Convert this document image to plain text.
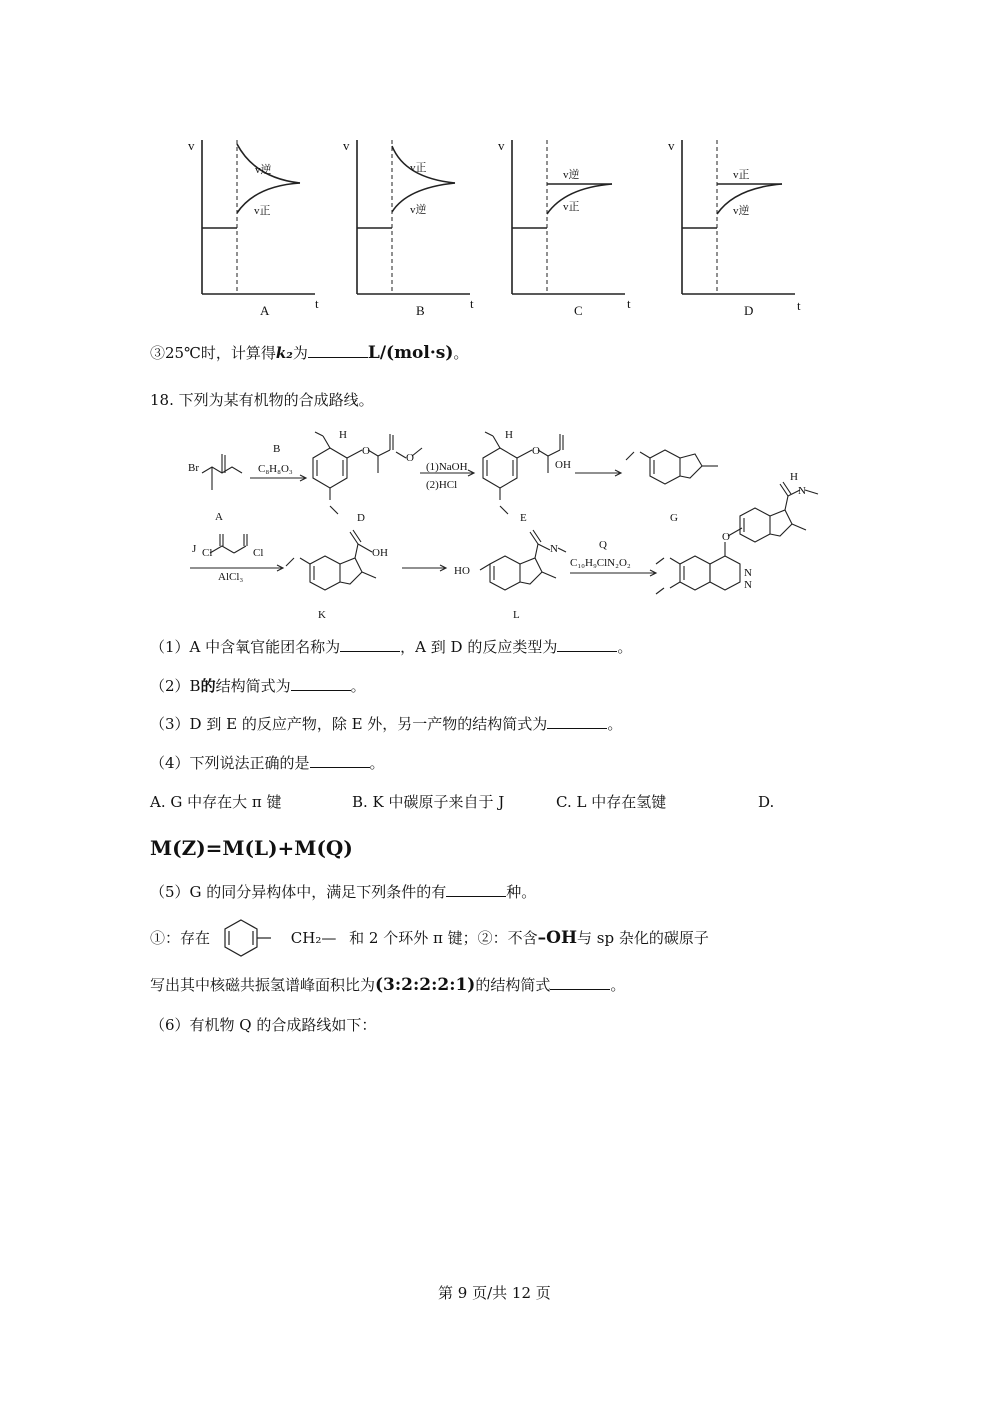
v
t
v
t
v
t
v
t
v逆
v正
v正
v逆
v逆
v正
v正
v逆
A	B	C	D
③25℃时，计算得k₂为	L/(mol·s)。
18. 下列为某有机物的合成路线。
Br
B
C₈H₈O₃
H
O
O
(1)NaOH
(2)HCl
H
O
OH
A	D	E	G
J Cl	Cl
AlCl₃
OH
K
HO
N
L
Q
C₁₀H₉ClN₂O₂
O
N
N
N
H
（1）A 中含氧官能团名称为	，A 到 D 的反应类型为	。
（2）B的结构简式为	。
（3）D 到 E 的反应产物，除 E 外，另一产物的结构简式为	。
（4）下列说法正确的是	。
A. G 中存在大 π 键	B. K 中碳原子来自于 J	C. L 中存在氢键	D.
M(Z)=M(L)+M(Q)
（5）G 的同分异构体中，满足下列条件的有	种。
①：存在	CH₂— 和 2 个环外 π 键；②：不含–OH与 sp 杂化的碳原子
写出其中核磁共振氢谱峰面积比为(3:2:2:2:1)的结构简式	。
（6）有机物 Q 的合成路线如下：
第 9 页/共 12 页
